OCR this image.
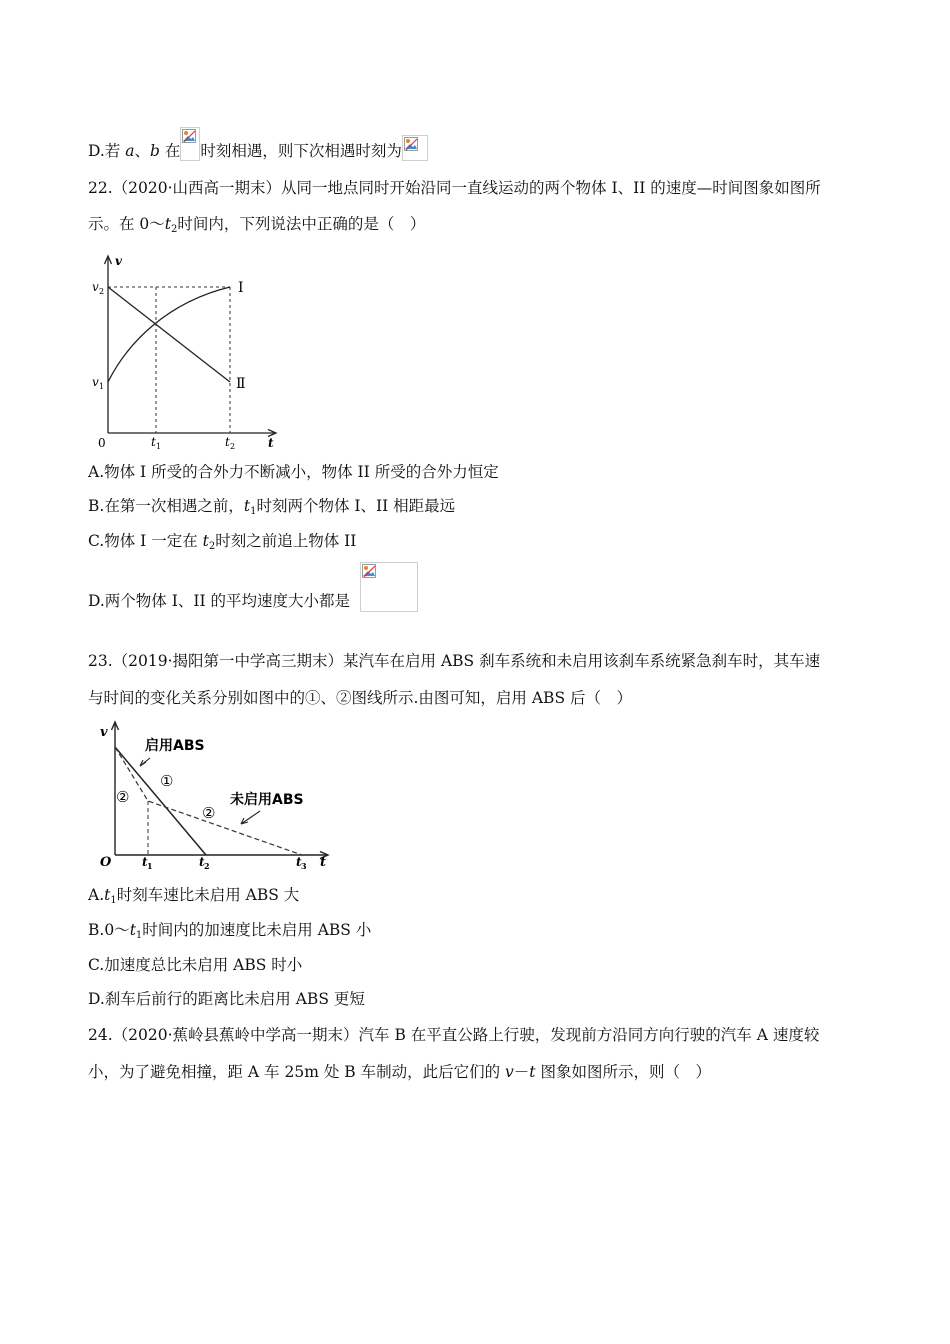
D.若 a、b 在 时刻相遇，则下次相遇时刻为
22.（2020·山西高一期末）从同一地点同时开始沿同一直线运动的两个物体 I、II 的速度—时间图象如图所
示。在 $0\sim t_2$时间内，下列说法中正确的是（　）
v
t
0
v 2
v 1
t 1	t 2
I
Ⅱ
A.物体 I 所受的合外力不断减小，物体 II 所受的合外力恒定
B.在第一次相遇之前，$t_1$时刻两个物体 I、II 相距最远
C.物体 I 一定在 $t_2$时刻之前追上物体 II
D.两个物体 I、II 的平均速度大小都是
23.（2019·揭阳第一中学高三期末）某汽车在启用 ABS 刹车系统和未启用该刹车系统紧急刹车时，其车速
与时间的变化关系分别如图中的①、②图线所示.由图可知，启用 ABS 后（　）
v
t
O
启用ABS
未启用ABS
①
②
②
t 1	t 2	t 3
$A.t_1$时刻车速比未启用 ABS 大
$B.0\sim t_1$时间内的加速度比未启用 ABS 小
C.加速度总比未启用 ABS 时小
D.刹车后前行的距离比未启用 ABS 更短
24.（2020·蕉岭县蕉岭中学高一期末）汽车 B 在平直公路上行驶，发现前方沿同方向行驶的汽车 A 速度较
小，为了避免相撞，距 A 车 25m 处 B 车制动，此后它们的 v－t 图象如图所示，则（　）
